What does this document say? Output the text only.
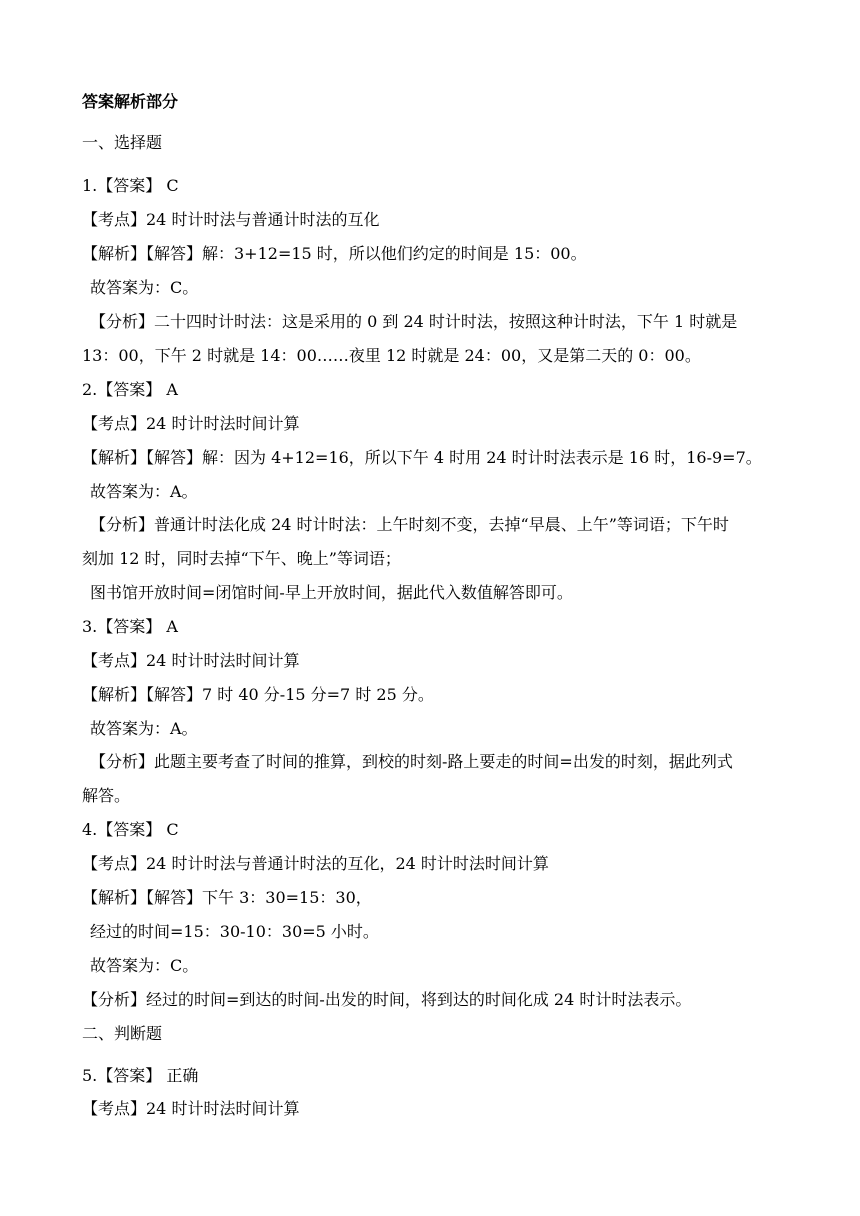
答案解析部分
一、选择题
1.【答案】 C
【考点】24 时计时法与普通计时法的互化
【解析】【解答】解：3+12=15 时，所以他们约定的时间是 15：00。
故答案为：C。
【分析】二十四时计时法：这是采用的 0 到 24 时计时法，按照这种计时法，下午 1 时就是
13：00，下午 2 时就是 14：00……夜里 12 时就是 24：00，又是第二天的 0：00。
2.【答案】 A
【考点】24 时计时法时间计算
【解析】【解答】解：因为 4+12=16，所以下午 4 时用 24 时计时法表示是 16 时，16-9=7。
故答案为：A。
【分析】普通计时法化成 24 时计时法：上午时刻不变，去掉“早晨、上午”等词语；下午时
刻加 12 时，同时去掉“下午、晚上”等词语；
图书馆开放时间=闭馆时间-早上开放时间，据此代入数值解答即可。
3.【答案】 A
【考点】24 时计时法时间计算
【解析】【解答】7 时 40 分-15 分=7 时 25 分。
故答案为：A。
【分析】此题主要考查了时间的推算，到校的时刻-路上要走的时间=出发的时刻，据此列式
解答。
4.【答案】 C
【考点】24 时计时法与普通计时法的互化，24 时计时法时间计算
【解析】【解答】下午 3：30=15：30，
经过的时间=15：30-10：30=5 小时。
故答案为：C。
【分析】经过的时间=到达的时间-出发的时间，将到达的时间化成 24 时计时法表示。
二、判断题
5.【答案】 正确
【考点】24 时计时法时间计算
